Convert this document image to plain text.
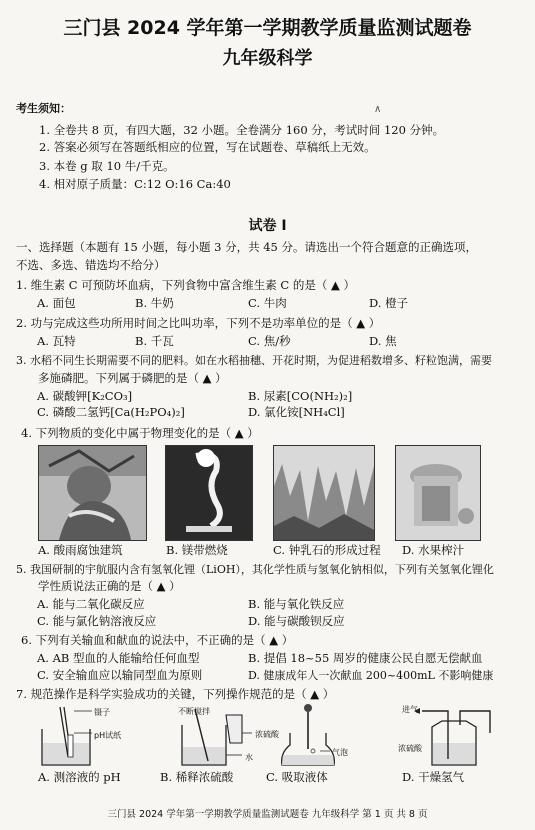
三门县 2024 学年第一学期教学质量监测试题卷
九年级科学
考生须知：	∧
1. 全卷共 8 页，有四大题，32 小题。全卷满分 160 分，考试时间 120 分钟。
2. 答案必须写在答题纸相应的位置，写在试题卷、草稿纸上无效。
3. 本卷 g 取 10 牛/千克。
4. 相对原子质量：C:12 O:16 Ca:40
试卷 I
一、选择题（本题有 15 小题，每小题 3 分，共 45 分。请选出一个符合题意的正确选项，
不选、多选、错选均不给分）
1. 维生素 C 可预防坏血病，下列食物中富含维生素 C 的是（ ▲ ）
A. 面包	B. 牛奶	C. 牛肉	D. 橙子
2. 功与完成这些功所用时间之比叫功率，下列不是功率单位的是（ ▲ ）
A. 瓦特	B. 千瓦	C. 焦/秒	D. 焦
3. 水稻不同生长期需要不同的肥料。如在水稻抽穗、开花时期，为促进稻数增多、籽粒饱满，需要
多施磷肥。下列属于磷肥的是（ ▲ ）
A. 碳酸钾[K₂CO₃]	B. 尿素[CO(NH₂)₂]
C. 磷酸二氢钙[Ca(H₂PO₄)₂]	D. 氯化铵[NH₄Cl]
4. 下列物质的变化中属于物理变化的是（ ▲ ）
A. 酸雨腐蚀建筑	B. 镁带燃烧	C. 钟乳石的形成过程 D. 水果榨汁
5. 我国研制的宇航服内含有氢氧化锂（LiOH），其化学性质与氢氧化钠相似，下列有关氢氧化锂化
学性质说法正确的是（ ▲ ）
A. 能与二氧化碳反应	B. 能与氧化铁反应
C. 能与氯化钠溶液反应	D. 能与碳酸钡反应
6. 下列有关输血和献血的说法中，不正确的是（ ▲ ）
A. AB 型血的人能输给任何血型	B. 提倡 18~55 周岁的健康公民自愿无偿献血
C. 安全输血应以输同型血为原则	D. 健康成年人一次献血 200~400mL 不影响健康
7. 规范操作是科学实验成功的关键，下列操作规范的是（ ▲ ）
镊子
pH试纸
不断搅拌
浓硫酸
水
气泡
进气
浓硫酸
A. 测溶液的 pH	B. 稀释浓硫酸	C. 吸取液体	D. 干燥氢气
三门县 2024 学年第一学期教学质量监测试题卷 九年级科学 第 1 页 共 8 页
